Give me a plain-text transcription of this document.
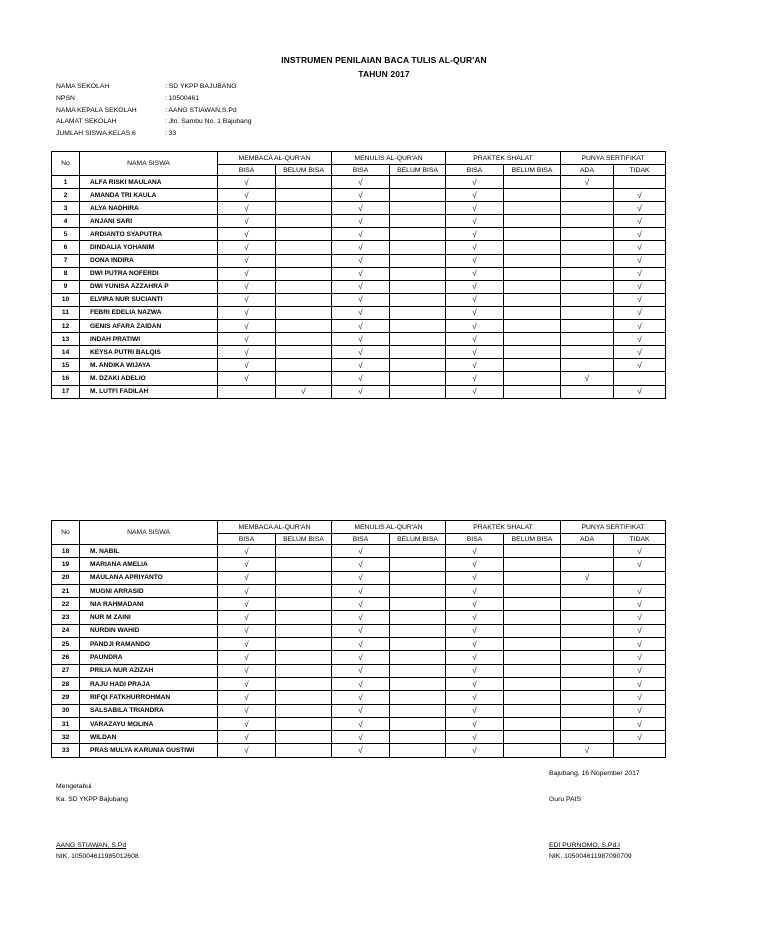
INSTRUMEN PENILAIAN BACA TULIS AL-QUR'AN
TAHUN 2017
NAMA SEKOLAH	: SD YKPP BAJUBANG
NPSN	: 10500461
NAMA KEPALA SEKOLAH	: AANG STIAWAN,S.Pd
ALAMAT SEKOLAH	: Jln. Sambu No. 1 Bajubang
JUMLAH SISWA KELAS 6	: 33
No	NAMA SISWA	MEMBACA AL-QUR'AN		MENULIS AL-QUR'AN		PRAKTEK SHALAT		PUNYA SERTIFIKAT	
		BISA	BELUM BISA	BISA	BELUM BISA	BISA	BELUM BISA	ADA	TIDAK
1	ALFA RISKI MAULANA	√		√		√		√	
2	AMANDA TRI KAULA	√		√		√			√
3	ALYA NADHIRA	√		√		√			√
4	ANJANI SARI	√		√		√			√
5	ARDIANTO SYAPUTRA	√		√		√			√
6	DINDALIA YOHANIM	√		√		√			√
7	DONA INDIRA	√		√		√			√
8	DWI PUTRA NOFERDI	√		√		√			√
9	DWI YUNISA AZZAHRA P	√		√		√			√
10	ELVIRA NUR SUCIANTI	√		√		√			√
11	FEBRI EDELIA NAZWA	√		√		√			√
12	GENIS AFARA ZAIDAN	√		√		√			√
13	INDAH PRATIWI	√		√		√			√
14	KEYSA PUTRI BALQIS	√		√		√			√
15	M. ANDIKA WIJAYA	√		√		√			√
16	M. DZAKI ADELIO	√		√		√		√	
17	M. LUTFI FADILAH		√	√		√			√
No	NAMA SISWA	MEMBACA AL-QUR'AN		MENULIS AL-QUR'AN		PRAKTEK SHALAT		PUNYA SERTIFIKAT	
		BISA	BELUM BISA	BISA	BELUM BISA	BISA	BELUM BISA	ADA	TIDAK
18	M. NABIL	√		√		√			√
19	MARIANA AMELIA	√		√		√			√
20	MAULANA APRIYANTO	√		√		√		√	
21	MUGNI ARRASID	√		√		√			√
22	NIA RAHMADANI	√		√		√			√
23	NUR M ZAINI	√		√		√			√
24	NURDIN WAHID	√		√		√			√
25	PANDJI RAMANDO	√		√		√			√
26	PAUNDRA	√		√		√			√
27	PRILIA NUR AZIZAH	√		√		√			√
28	RAJU HADI PRAJA	√		√		√			√
29	RIFQI FATKHURROHMAN	√		√		√			√
30	SALSABILA TRIANDRA	√		√		√			√
31	VARAZAYU MOLINA	√		√		√			√
32	WILDAN	√		√		√			√
33	PRAS MULYA KARUNIA GUSTIWI	√		√		√		√	
Bajubang, 16 Nopember 2017
Mengetahui
Ka. SD YKPP Bajubang	Guru PAIS
AANG STIAWAN, S.Pd
NIK. 105004611985012608
EDI PURNOMO, S.Pd.I
NIK. 105004611987090709
